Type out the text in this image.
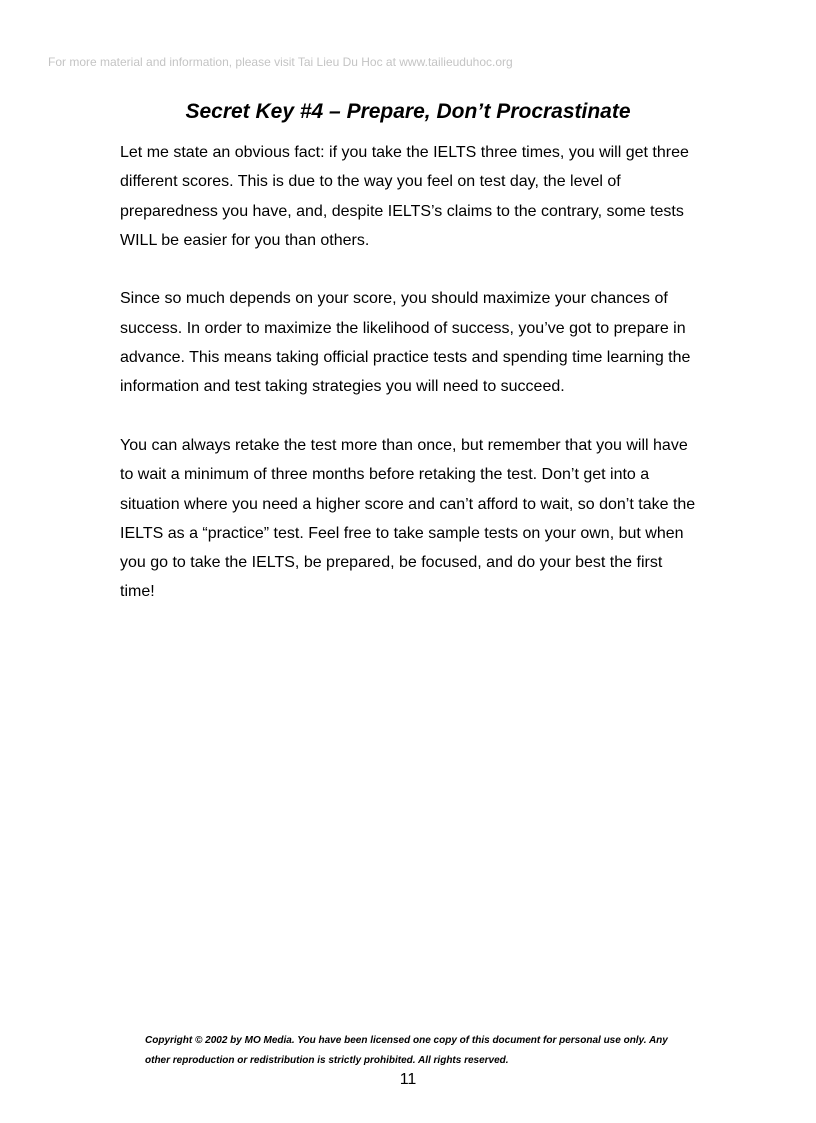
For more material and information, please visit Tai Lieu Du Hoc at www.tailieuduhoc.org
Secret Key #4 – Prepare, Don’t Procrastinate

Let me state an obvious fact: if you take the IELTS three times, you will get three
different scores. This is due to the way you feel on test day, the level of
preparedness you have, and, despite IELTS’s claims to the contrary, some tests
WILL be easier for you than others.

Since so much depends on your score, you should maximize your chances of
success. In order to maximize the likelihood of success, you’ve got to prepare in
advance. This means taking official practice tests and spending time learning the
information and test taking strategies you will need to succeed.

You can always retake the test more than once, but remember that you will have
to wait a minimum of three months before retaking the test. Don’t get into a
situation where you need a higher score and can’t afford to wait, so don’t take the
IELTS as a “practice” test. Feel free to take sample tests on your own, but when
you go to take the IELTS, be prepared, be focused, and do your best the first
time!

Copyright © 2002 by MO Media. You have been licensed one copy of this document for personal use only. Any
other reproduction or redistribution is strictly prohibited. All rights reserved.
11
